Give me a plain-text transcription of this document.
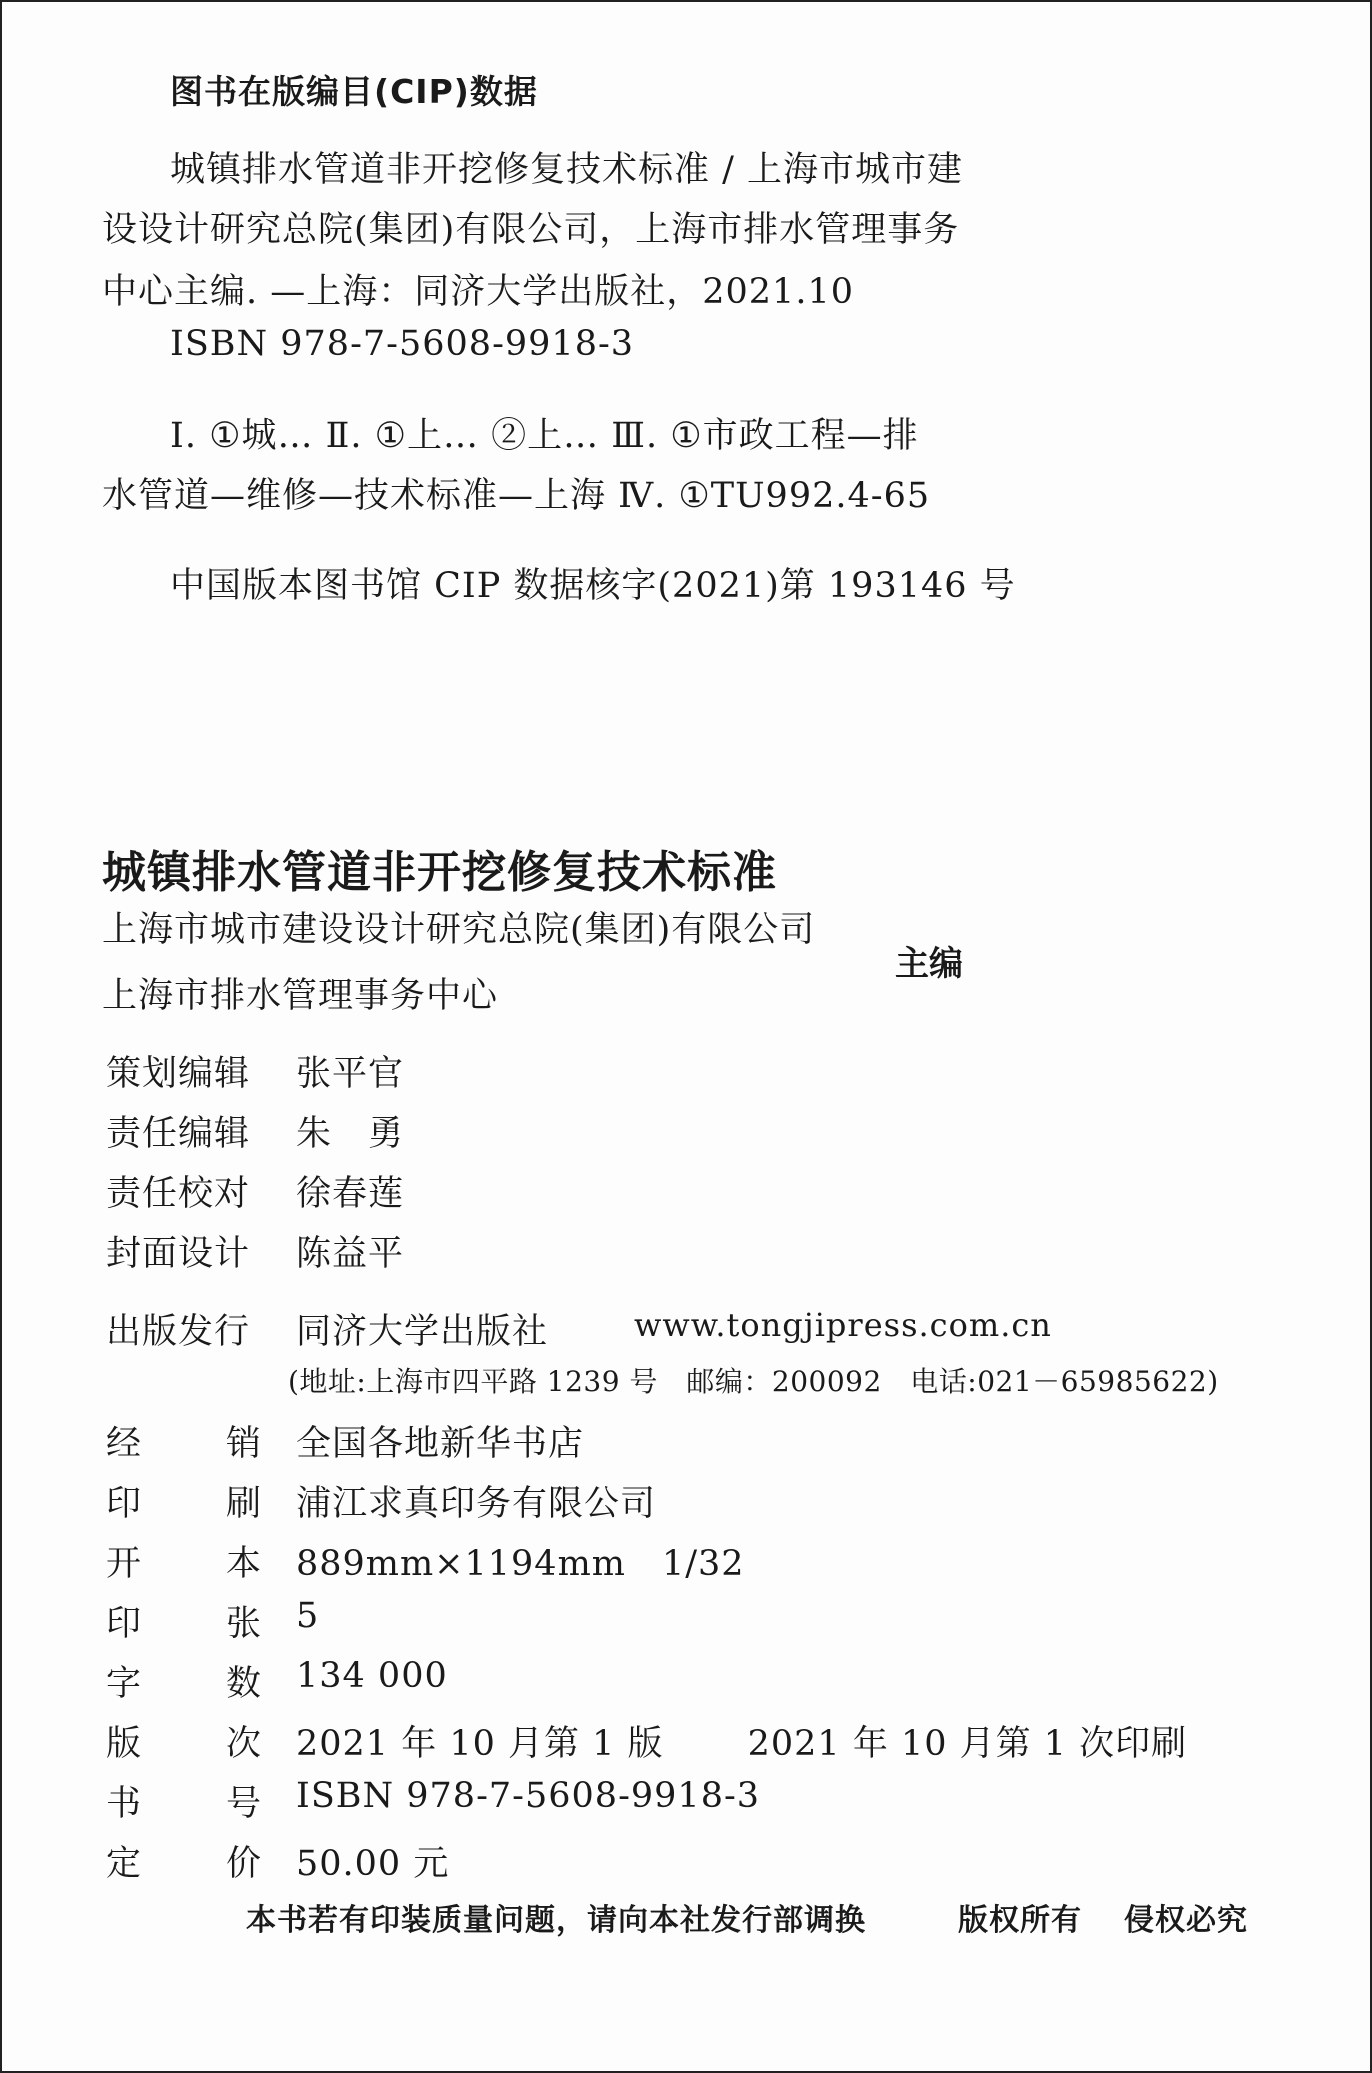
图书在版编目(CIP)数据
城镇排水管道非开挖修复技术标准 / 上海市城市建
设设计研究总院(集团)有限公司，上海市排水管理事务
中心主编. —上海：同济大学出版社，2021.10
ISBN 978-7-5608-9918-3
Ⅰ. ①城… Ⅱ. ①上… ②上… Ⅲ. ①市政工程—排
水管道—维修—技术标准—上海 Ⅳ. ①TU992.4-65
中国版本图书馆 CIP 数据核字(2021)第 193146 号
城镇排水管道非开挖修复技术标准
上海市城市建设设计研究总院(集团)有限公司
上海市排水管理事务中心
主编
策划编辑 张平官
责任编辑 朱　勇
责任校对 徐春莲
封面设计 陈益平
出版发行 同济大学出版社	www.tongjipress.com.cn
(地址:上海市四平路 1239 号　邮编：200092　电话:021－65985622)
经 销 全国各地新华书店
印 刷 浦江求真印务有限公司
开 本 889mm×1194mm　1/32
印 张 5
字 数 134 000
版 次 2021 年 10 月第 1 版　　 2021 年 10 月第 1 次印刷
书 号 ISBN 978-7-5608-9918-3
定 价 50.00 元
本书若有印装质量问题，请向本社发行部调换	版权所有 侵权必究
